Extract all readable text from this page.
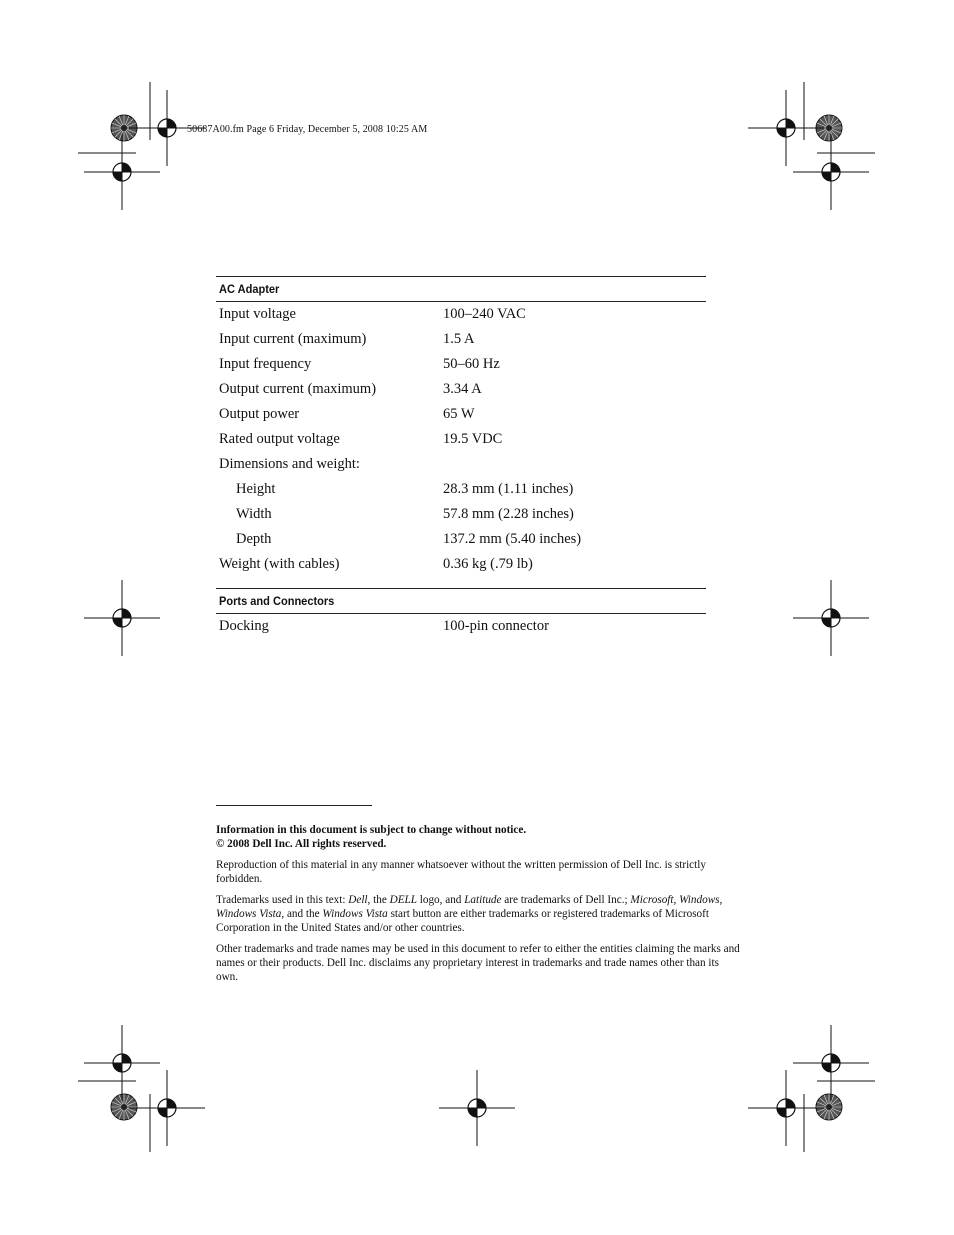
50687A00.fm Page 6 Friday, December 5, 2008 10:25 AM
AC Adapter
Input voltage	100–240 VAC
Input current (maximum)	1.5 A
Input frequency	50–60 Hz
Output current (maximum)	3.34 A
Output power	65 W
Rated output voltage	19.5 VDC
Dimensions and weight:
Height	28.3 mm (1.11 inches)
Width	57.8 mm (2.28 inches)
Depth	137.2 mm (5.40 inches)
Weight (with cables)	0.36 kg (.79 lb)
Ports and Connectors
Docking	100-pin connector

Information in this document is subject to change without notice.
© 2008 Dell Inc. All rights reserved.

Reproduction of this material in any manner whatsoever without the written permission of Dell Inc. is strictly forbidden.

Trademarks used in this text: Dell, the DELL logo, and Latitude are trademarks of Dell Inc.; Microsoft, Windows, Windows Vista, and the Windows Vista start button are either trademarks or registered trademarks of Microsoft Corporation in the United States and/or other countries.

Other trademarks and trade names may be used in this document to refer to either the entities claiming the marks and names or their products. Dell Inc. disclaims any proprietary interest in trademarks and trade names other than its own.
